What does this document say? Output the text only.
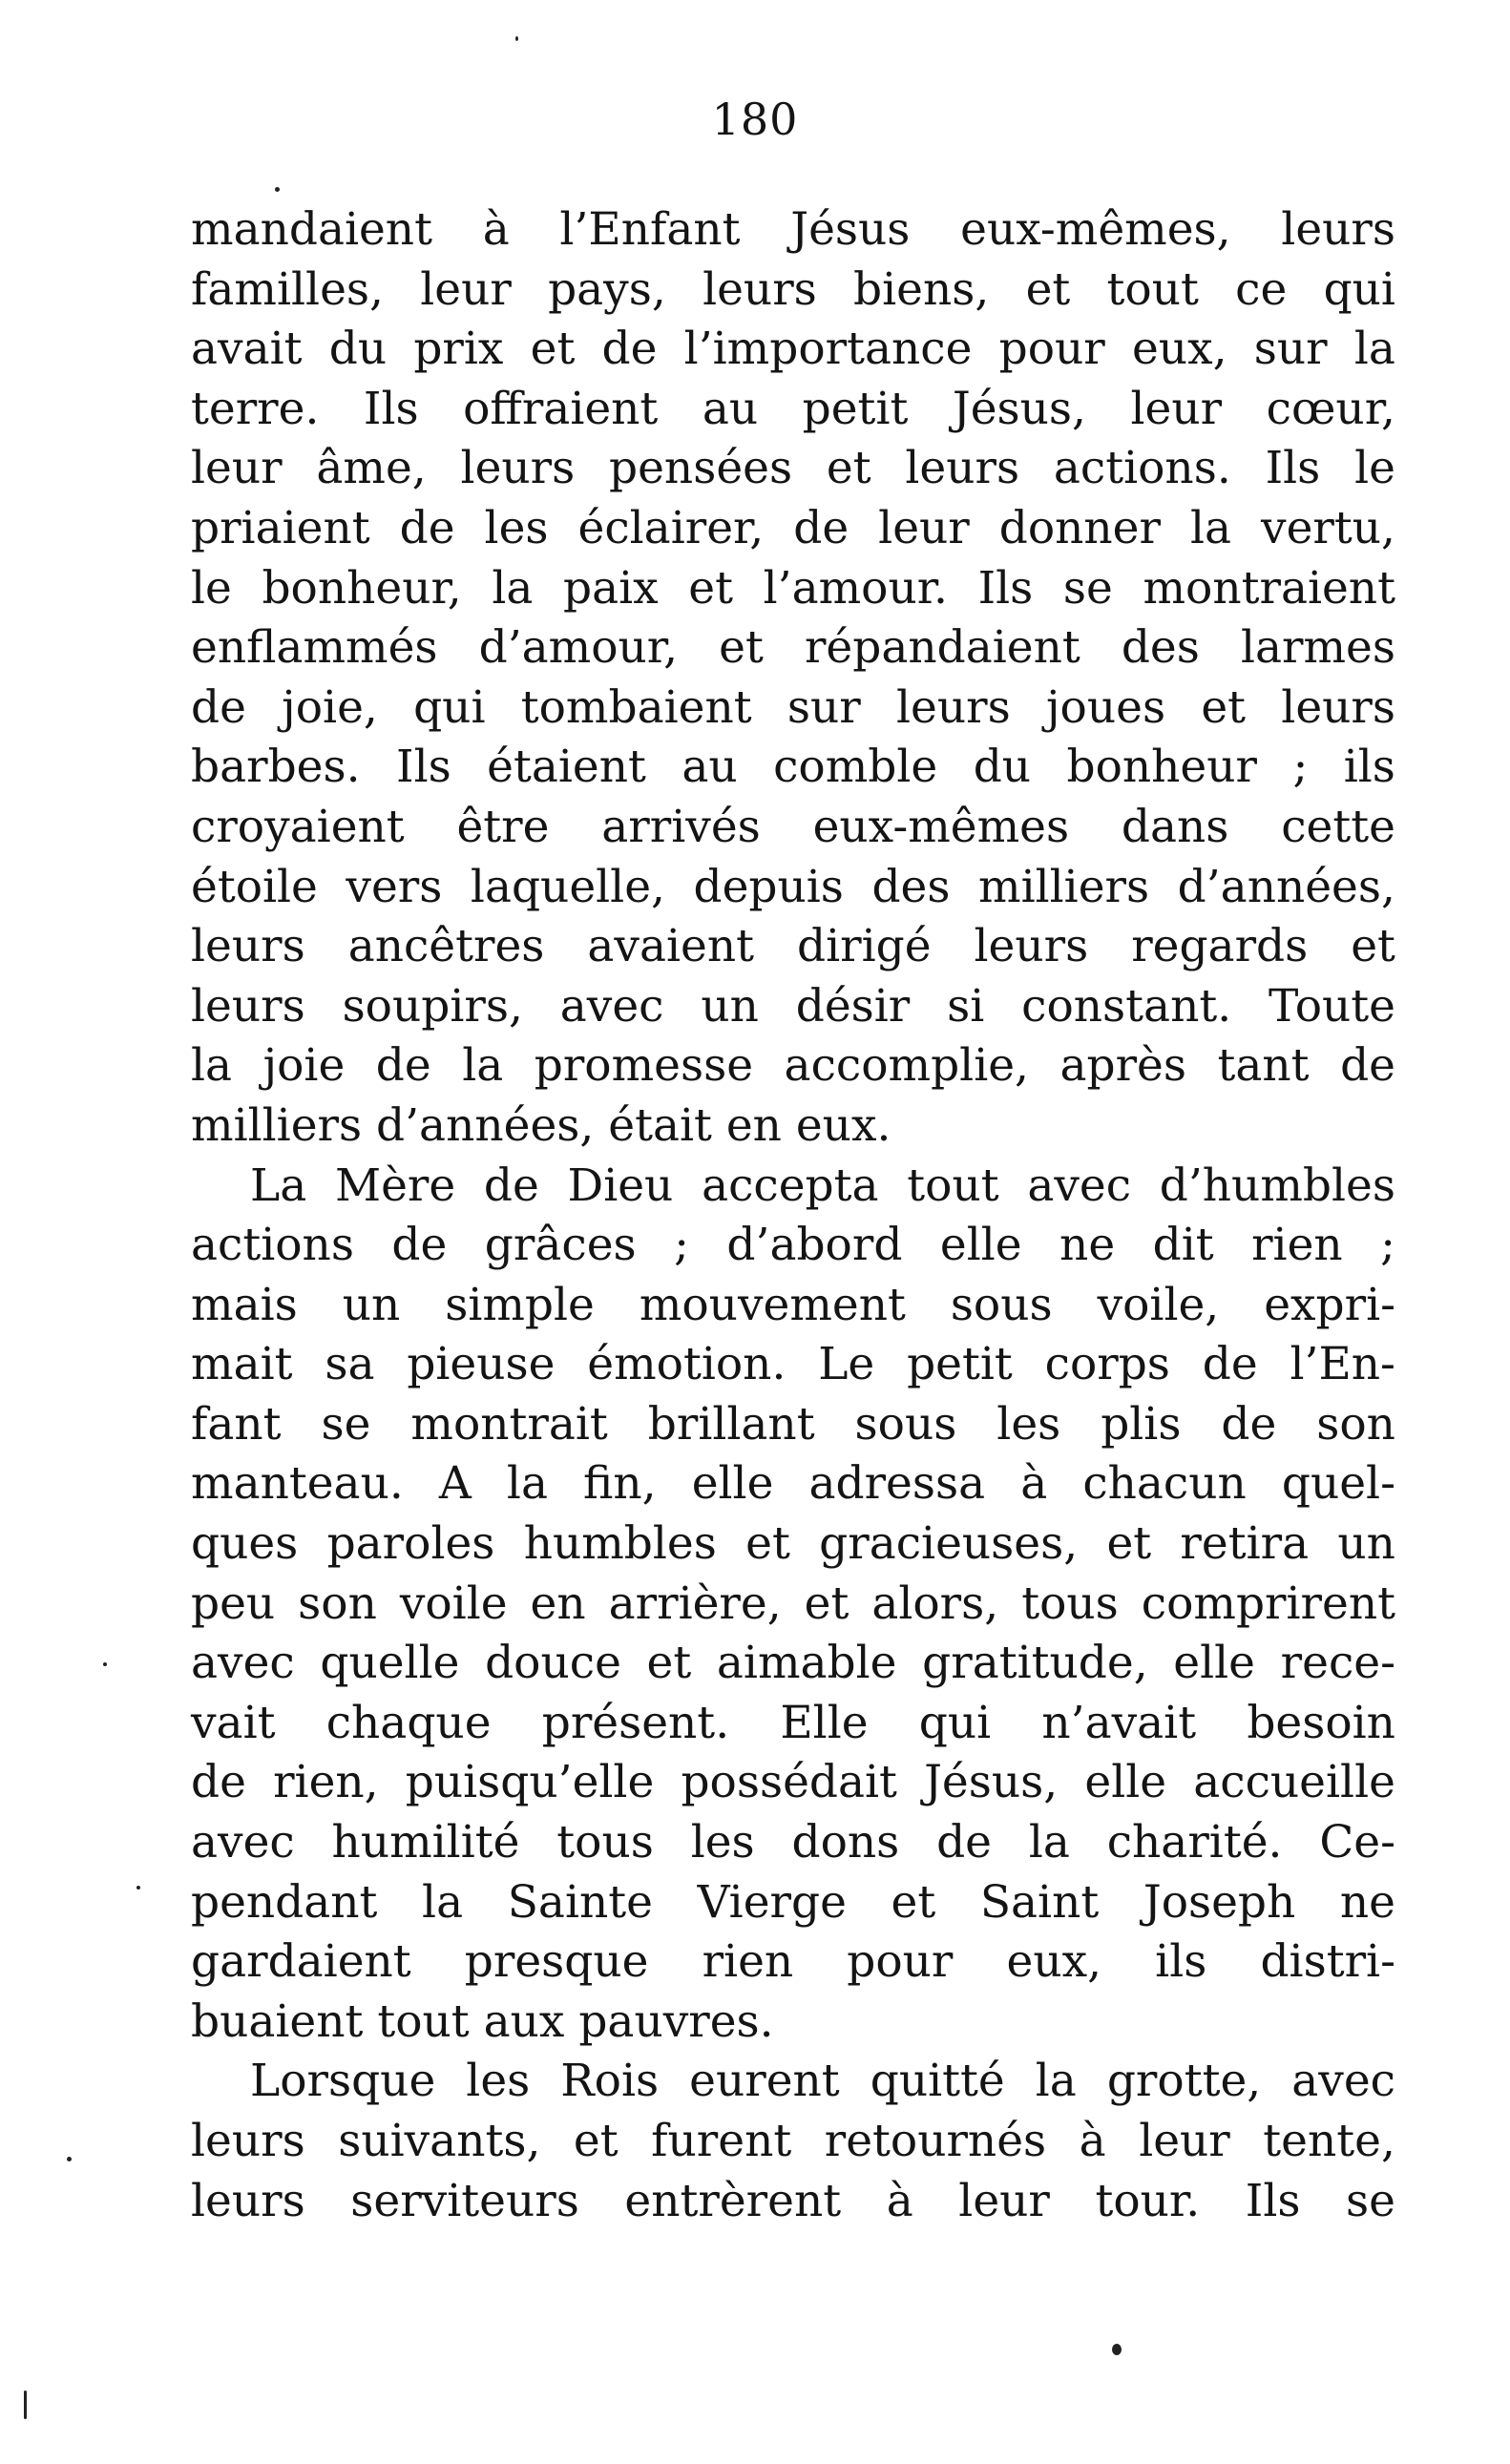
180
mandaient à l’Enfant Jésus eux-mêmes, leurs
familles, leur pays, leurs biens, et tout ce qui
avait du prix et de l’importance pour eux, sur la
terre. Ils offraient au petit Jésus, leur cœur,
leur âme, leurs pensées et leurs actions. Ils le
priaient de les éclairer, de leur donner la vertu,
le bonheur, la paix et l’amour. Ils se montraient
enflammés d’amour, et répandaient des larmes
de joie, qui tombaient sur leurs joues et leurs
barbes. Ils étaient au comble du bonheur ; ils
croyaient être arrivés eux-mêmes dans cette
étoile vers laquelle, depuis des milliers d’années,
leurs ancêtres avaient dirigé leurs regards et
leurs soupirs, avec un désir si constant. Toute
la joie de la promesse accomplie, après tant de
milliers d’années, était en eux.
La Mère de Dieu accepta tout avec d’humbles
actions de grâces ; d’abord elle ne dit rien ;
mais un simple mouvement sous voile, expri-
mait sa pieuse émotion. Le petit corps de l’En-
fant se montrait brillant sous les plis de son
manteau. A la fin, elle adressa à chacun quel-
ques paroles humbles et gracieuses, et retira un
peu son voile en arrière, et alors, tous comprirent
avec quelle douce et aimable gratitude, elle rece-
vait chaque présent. Elle qui n’avait besoin
de rien, puisqu’elle possédait Jésus, elle accueille
avec humilité tous les dons de la charité. Ce-
pendant la Sainte Vierge et Saint Joseph ne
gardaient presque rien pour eux, ils distri-
buaient tout aux pauvres.
Lorsque les Rois eurent quitté la grotte, avec
leurs suivants, et furent retournés à leur tente,
leurs serviteurs entrèrent à leur tour. Ils se
